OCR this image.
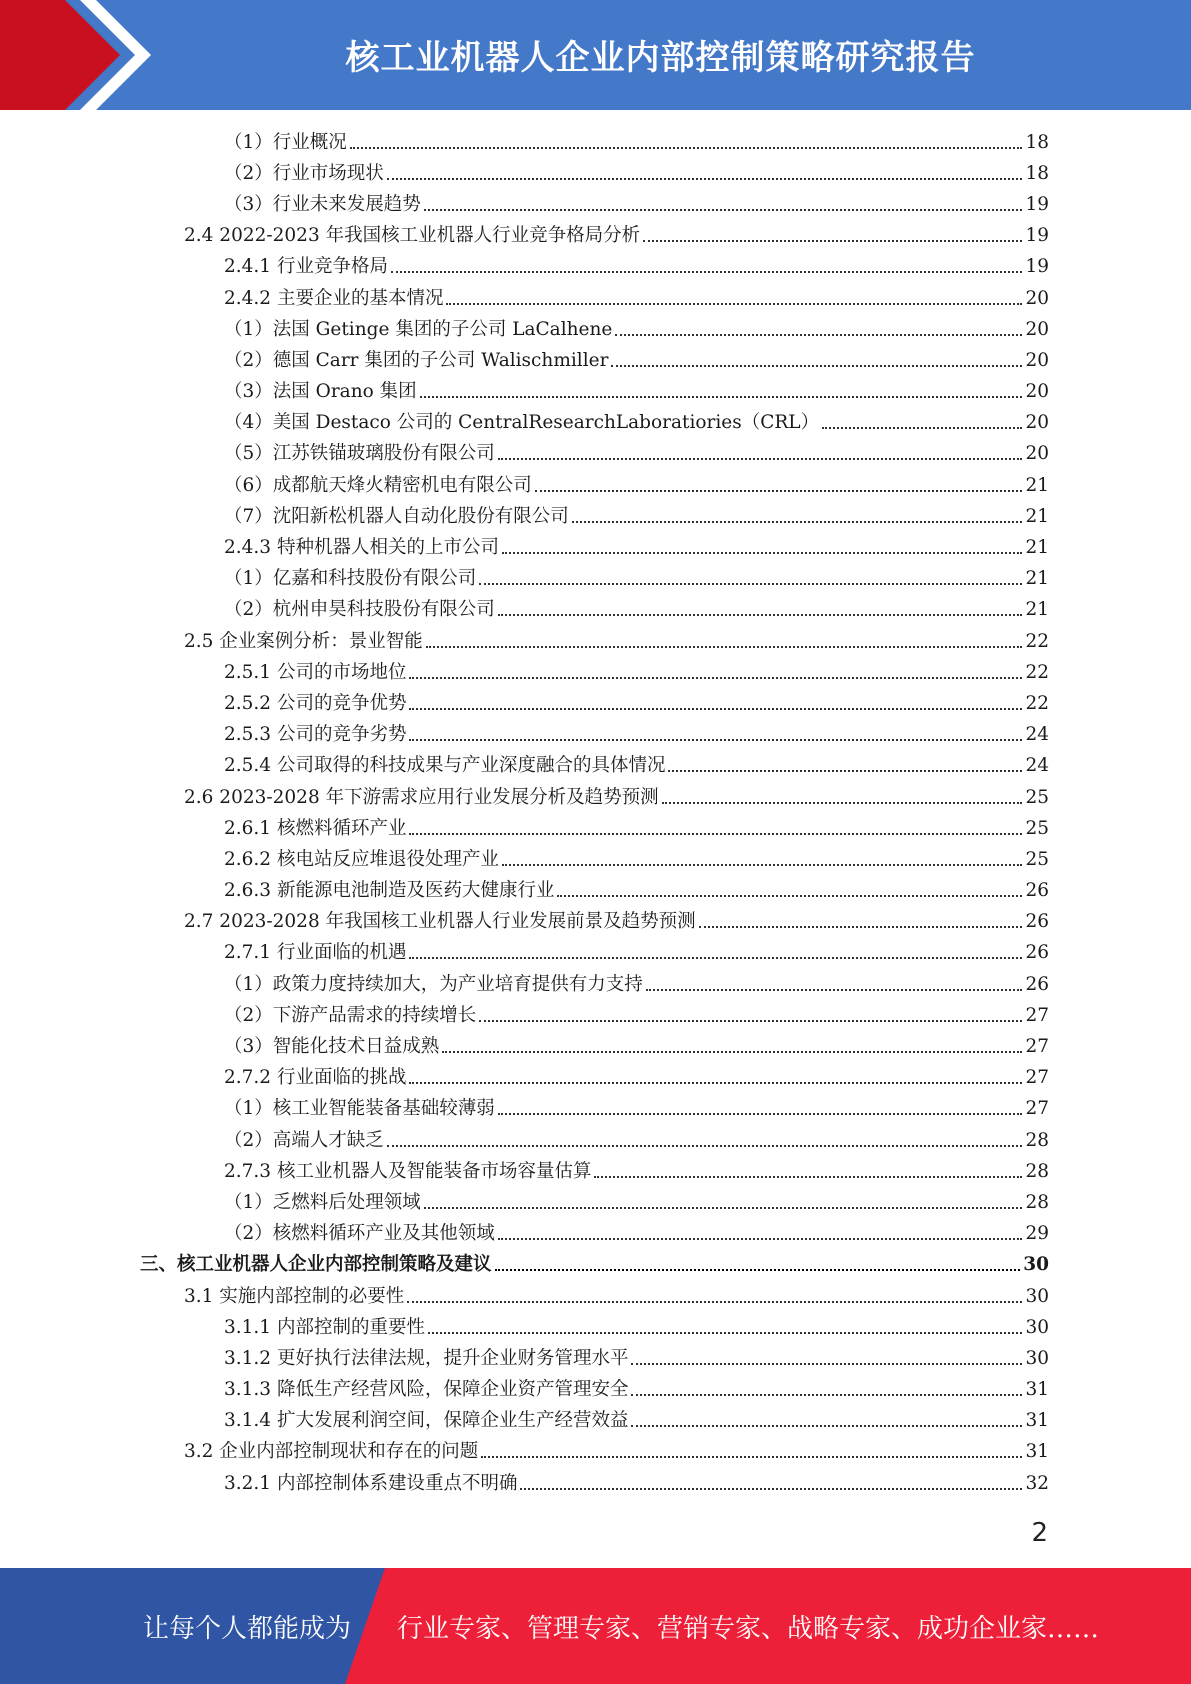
核工业机器人企业内部控制策略研究报告
（1）行业概况	18
（2）行业市场现状	18
（3）行业未来发展趋势	19
2.4 2022-2023 年我国核工业机器人行业竞争格局分析	19
2.4.1 行业竞争格局	19
2.4.2 主要企业的基本情况	20
（1）法国 Getinge 集团的子公司 LaCalhene	20
（2）德国 Carr 集团的子公司 Walischmiller	20
（3）法国 Orano 集团	20
（4）美国 Destaco 公司的 CentralResearchLaboratiories（CRL）	20
（5）江苏铁锚玻璃股份有限公司	20
（6）成都航天烽火精密机电有限公司	21
（7）沈阳新松机器人自动化股份有限公司	21
2.4.3 特种机器人相关的上市公司	21
（1）亿嘉和科技股份有限公司	21
（2）杭州申昊科技股份有限公司	21
2.5 企业案例分析：景业智能	22
2.5.1 公司的市场地位	22
2.5.2 公司的竞争优势	22
2.5.3 公司的竞争劣势	24
2.5.4 公司取得的科技成果与产业深度融合的具体情况	24
2.6 2023-2028 年下游需求应用行业发展分析及趋势预测	25
2.6.1 核燃料循环产业	25
2.6.2 核电站反应堆退役处理产业	25
2.6.3 新能源电池制造及医药大健康行业	26
2.7 2023-2028 年我国核工业机器人行业发展前景及趋势预测	26
2.7.1 行业面临的机遇	26
（1）政策力度持续加大，为产业培育提供有力支持	26
（2）下游产品需求的持续增长	27
（3）智能化技术日益成熟	27
2.7.2 行业面临的挑战	27
（1）核工业智能装备基础较薄弱	27
（2）高端人才缺乏	28
2.7.3 核工业机器人及智能装备市场容量估算	28
（1）乏燃料后处理领域	28
（2）核燃料循环产业及其他领域	29
三、核工业机器人企业内部控制策略及建议	30
3.1 实施内部控制的必要性	30
3.1.1 内部控制的重要性	30
3.1.2 更好执行法律法规，提升企业财务管理水平	30
3.1.3 降低生产经营风险，保障企业资产管理安全	31
3.1.4 扩大发展利润空间，保障企业生产经营效益	31
3.2 企业内部控制现状和存在的问题	31
3.2.1 内部控制体系建设重点不明确	32
2
让每个人都能成为 行业专家、管理专家、营销专家、战略专家、成功企业家……
